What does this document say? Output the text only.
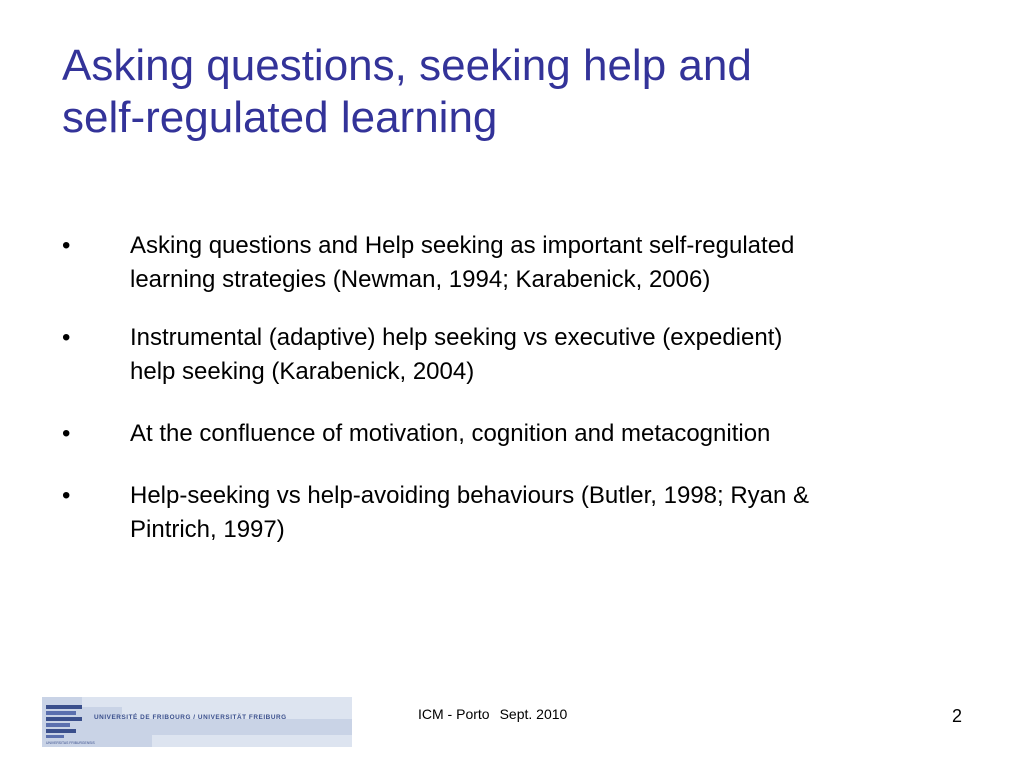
Asking questions, seeking help and
self-regulated learning
•	Asking questions and Help seeking as important self-regulated
learning strategies (Newman, 1994; Karabenick, 2006)
•	Instrumental (adaptive) help seeking vs executive (expedient)
help seeking (Karabenick, 2004)
•	At the confluence of motivation, cognition and metacognition
•	Help-seeking vs help-avoiding behaviours (Butler, 1998; Ryan &
Pintrich, 1997)
UNIVERSITAS FRIBURGENSIS
UNIVERSITÉ DE FRIBOURG / UNIVERSITÄT FREIBURG	ICM - Porto Sept. 2010	2
